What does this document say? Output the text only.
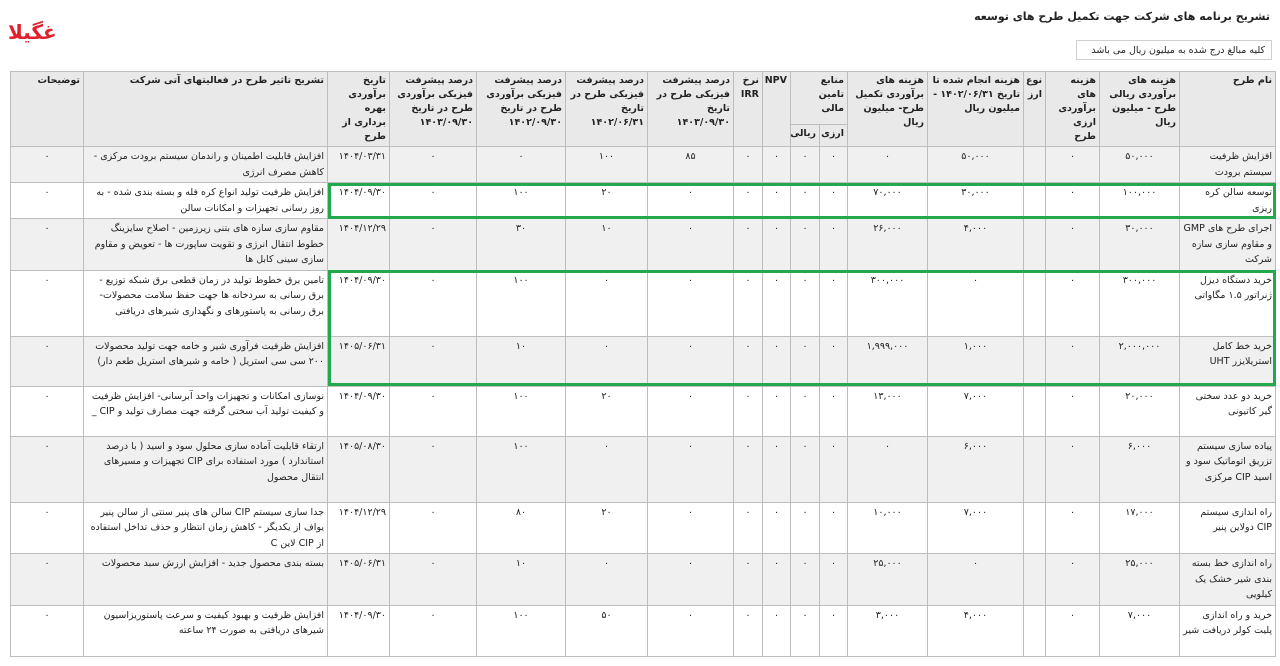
غگیلا
تشریح برنامه های شرکت جهت تکمیل طرح های توسعه
کلیه مبالغ درج شده به میلیون ریال می باشد
نام طرح	هزینه های برآوردی ریالی طرح - میلیون ریال	هزینه های برآوردی ارزی طرح	نوع ارز	هزینه انجام شده تا تاریخ ۱۴۰۲/۰۶/۳۱ - میلیون ریال	هزینه های برآوردی تکمیل طرح- میلیون ریال	منابع تامین مالی		NPV	نرخ IRR	درصد پیشرفت فیزیکی طرح در تاریخ ۱۴۰۳/۰۹/۳۰	درصد پیشرفت فیزیکی طرح در تاریخ ۱۴۰۲/۰۶/۳۱	درصد پیشرفت فیزیکی برآوردی طرح در تاریخ ۱۴۰۲/۰۹/۳۰	درصد پیشرفت فیزیکی برآوردی طرح در تاریخ ۱۴۰۳/۰۹/۳۰	تاریخ برآوردی بهره برداری از طرح	تشریح تاثیر طرح در فعالیتهای آتی شرکت	توضیحات
						ارزی	ریالی									
افزایش ظرفیت سیستم برودت	۵۰,۰۰۰	۰		۵۰,۰۰۰	۰	۰	۰	۰	۰	۸۵	۱۰۰	۰	۰	۱۴۰۴/۰۳/۳۱	افزایش قابلیت اطمینان و راندمان سیستم برودت مرکزی - کاهش مصرف انرژی	۰
توسعه سالن کره ریزی	۱۰۰,۰۰۰	۰		۳۰,۰۰۰	۷۰,۰۰۰	۰	۰	۰	۰	۰	۲۰	۱۰۰	۰	۱۴۰۴/۰۹/۳۰	افزایش ظرفیت تولید انواع کره فله و بسته بندی شده - به روز رسانی تجهیزات و امکانات سالن	۰
اجرای طرح های GMP و مقاوم سازی سازه شرکت	۳۰,۰۰۰	۰		۴,۰۰۰	۲۶,۰۰۰	۰	۰	۰	۰	۰	۱۰	۳۰	۰	۱۴۰۴/۱۲/۲۹	مقاوم سازی سازه های بتنی زیرزمین - اصلاح سایزینگ خطوط انتقال انرژی و تقویت ساپورت ها - تعویض و مقاوم سازی سینی کابل ها	۰
خرید دستگاه دیزل ژنراتور ۱.۵ مگاواتی	۳۰۰,۰۰۰	۰		۰	۳۰۰,۰۰۰	۰	۰	۰	۰	۰	۰	۱۰۰	۰	۱۴۰۴/۰۹/۳۰	تامین برق خطوط تولید در زمان قطعی برق شبکه توزیع - برق رسانی به سردخانه ها جهت حفظ سلامت محصولات- برق رسانی به پاستورهای و نگهداری شیرهای دریافتی	۰
خرید خط کامل استریلایزر UHT	۲,۰۰۰,۰۰۰	۰		۱,۰۰۰	۱,۹۹۹,۰۰۰	۰	۰	۰	۰	۰	۰	۱۰	۰	۱۴۰۵/۰۶/۳۱	افزایش ظرفیت فرآوری شیر و خامه جهت تولید محصولات ۲۰۰ سی سی استریل ( خامه و شیرهای استریل طعم دار)	۰
خرید دو عدد سختی گیر کاتیونی	۲۰,۰۰۰	۰		۷,۰۰۰	۱۳,۰۰۰	۰	۰	۰	۰	۰	۲۰	۱۰۰	۰	۱۴۰۴/۰۹/۳۰	نوسازی امکانات و تجهیزات واحد آبرسانی- افزایش ظرفیت و کیفیت تولید آب سختی گرفته جهت مصارف تولید و CIP _	۰
پیاده سازی سیستم تزریق اتوماتیک سود و اسید CIP مرکزی	۶,۰۰۰	۰		۶,۰۰۰	۰	۰	۰	۰	۰	۰	۰	۱۰۰	۰	۱۴۰۵/۰۸/۳۰	ارتقاء قابلیت آماده سازی محلول سود و اسید ( با درصد استاندارد ) مورد استفاده برای CIP تجهیزات و مسیرهای انتقال محصول	۰
راه اندازی سیستم CIP دولاین پنیر	۱۷,۰۰۰	۰		۷,۰۰۰	۱۰,۰۰۰	۰	۰	۰	۰	۰	۲۰	۸۰	۰	۱۴۰۴/۱۲/۲۹	جدا سازی سیستم CIP سالن های پنیر سنتی از سالن پنیر یواف از یکدیگر - کاهش زمان انتظار و حذف تداخل استفاده از CIP لاین C	۰
راه اندازی خط بسته بندی شیر خشک یک کیلویی	۲۵,۰۰۰	۰		۰	۲۵,۰۰۰	۰	۰	۰	۰	۰	۰	۱۰	۰	۱۴۰۵/۰۶/۳۱	بسته بندی محصول جدید - افزایش ارزش سبد محصولات	۰
خرید و راه اندازی پلیت کولر دریافت شیر	۷,۰۰۰	۰		۴,۰۰۰	۳,۰۰۰	۰	۰	۰	۰	۰	۵۰	۱۰۰	۰	۱۴۰۴/۰۹/۳۰	افزایش ظرفیت و بهبود کیفیت و سرعت پاستوریزاسیون شیرهای دریافتی به صورت ۲۴ ساعته	۰
